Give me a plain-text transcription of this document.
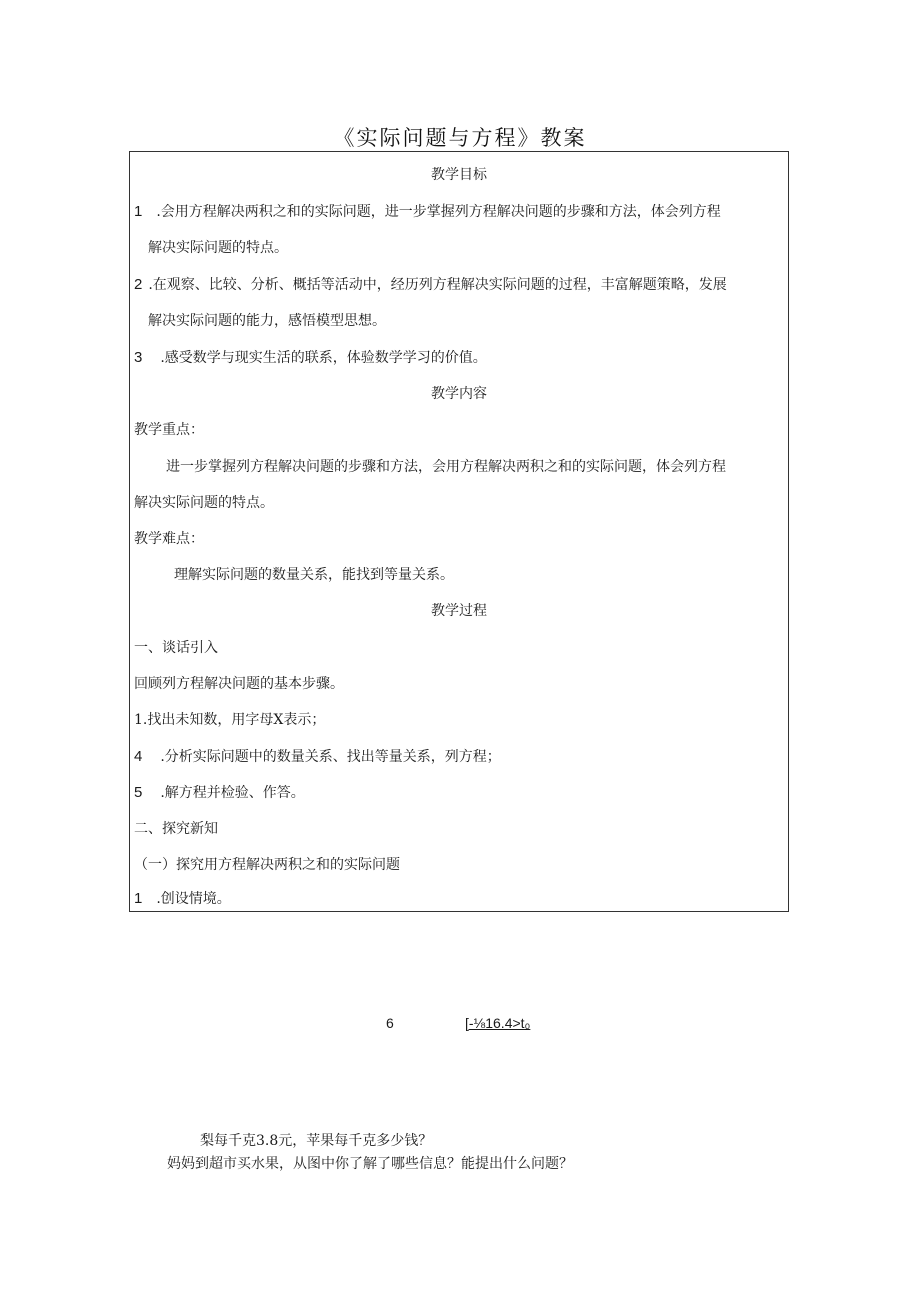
《实际问题与方程》教案
教学目标
1 .会用方程解决两积之和的实际问题，进一步掌握列方程解决问题的步骤和方法，体会列方程
解决实际问题的特点。
2 .在观察、比较、分析、概括等活动中，经历列方程解决实际问题的过程，丰富解题策略，发展
解决实际问题的能力，感悟模型思想。
3 .感受数学与现实生活的联系，体验数学学习的价值。
教学内容
教学重点：
进一步掌握列方程解决问题的步骤和方法，会用方程解决两积之和的实际问题，体会列方程
解决实际问题的特点。
教学难点：
理解实际问题的数量关系，能找到等量关系。
教学过程
一、谈话引入
回顾列方程解决问题的基本步骤。
1.找出未知数，用字母X表示；
4 .分析实际问题中的数量关系、找出等量关系，列方程；
5 .解方程并检验、作答。
二、探究新知
（一）探究用方程解决两积之和的实际问题
1 .创设情境。
6	[-⅛16.4>t₀
梨每千克3.8元，苹果每千克多少钱？
妈妈到超市买水果，从图中你了解了哪些信息？能提出什么问题？
